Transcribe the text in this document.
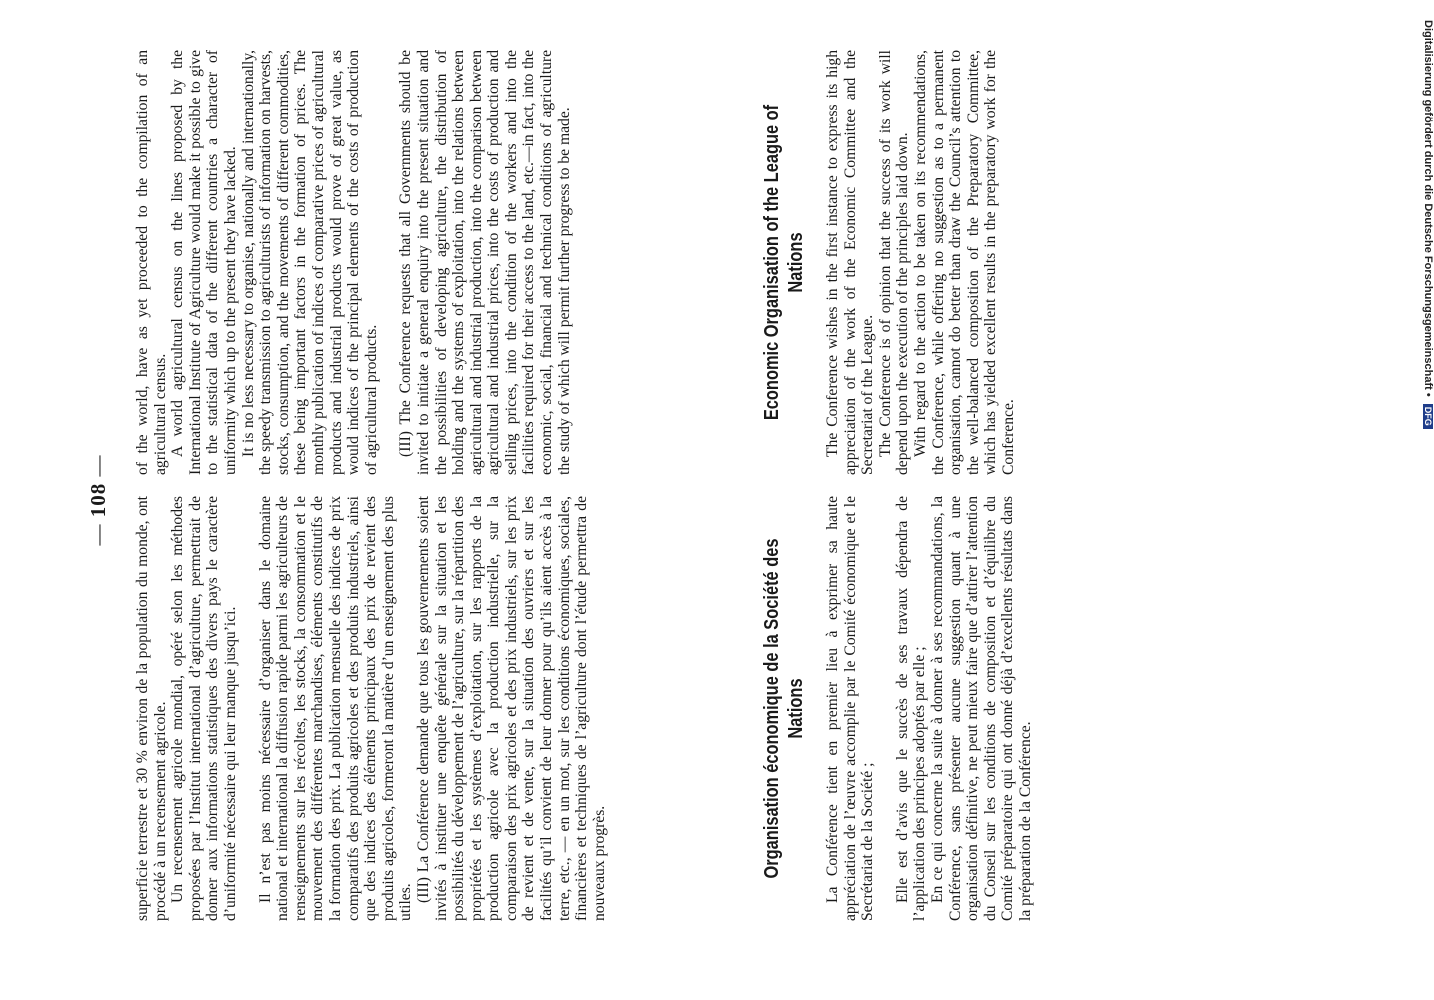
— 108 —

superficie terrestre et 30 % environ de la population du monde, ont procédé à un recensement agricole. Un recensement agricole mondial, opéré selon les méthodes proposées par l’Institut international d’agriculture, permettrait de donner aux informations statistiques des divers pays le caractère d’uniformité nécessaire qui leur manque jusqu’ici. Il n’est pas moins nécessaire d’organiser dans le domaine national et international la diffusion rapide parmi les agriculteurs de renseignements sur les récoltes, les stocks, la consommation et le mouvement des différentes marchandises, éléments constitutifs de la formation des prix. La publication mensuelle des indices de prix comparatifs des produits agricoles et des produits industriels, ainsi que des indices des éléments principaux des prix de revient des produits agricoles, formeront la matière d’un enseignement des plus utiles. (III) La Conférence demande que tous les gouvernements soient invités à instituer une enquête générale sur la situation et les possibilités du développement de l’agriculture, sur la répartition des propriétés et les systèmes d’exploitation, sur les rapports de la production agricole avec la production industrielle, sur la comparaison des prix agricoles et des prix industriels, sur les prix de revient et de vente, sur la situation des ouvriers et sur les facilités qu’il convient de leur donner pour qu’ils aient accès à la terre, etc., — en un mot, sur les conditions économiques, sociales, financières et techniques de l’agriculture dont l’étude permettra de nouveaux progrès.

of the world, have as yet proceeded to the compilation of an agricultural census. A world agricultural census on the lines proposed by the International Institute of Agriculture would make it possible to give to the statistical data of the different countries a character of uniformity which up to the present they have lacked. It is no less necessary to organise, nationally and internationally, the speedy transmission to agriculturists of information on harvests, stocks, consumption, and the movements of different commodities, these being important factors in the formation of prices. The monthly publication of indices of comparative prices of agricultural products and industrial products would prove of great value, as would indices of the principal elements of the costs of production of agricultural products. (III) The Conference requests that all Governments should be invited to initiate a general enquiry into the present situation and the possibilities of developing agriculture, the distribution of holding and the systems of exploitation, into the relations between agricultural and industrial production, into the comparison between agricultural and industrial prices, into the costs of production and selling prices, into the condition of the workers and into the facilities required for their access to the land, etc.—in fact, into the economic, social, financial and technical conditions of agriculture the study of which will permit further progress to be made.

Organisation économique de la Société des Nations La Conférence tient en premier lieu à exprimer sa haute appréciation de l’œuvre accomplie par le Comité économique et le Secrétariat de la Société ; Elle est d’avis que le succès de ses travaux dépendra de l’application des principes adoptés par elle ; En ce qui concerne la suite à donner à ses recommandations, la Conférence, sans présenter aucune suggestion quant à une organisation définitive, ne peut mieux faire que d’attirer l’attention du Conseil sur les conditions de composition et d’équilibre du Comité préparatoire qui ont donné déjà d’excellents résultats dans la préparation de la Conférence.

Economic Organisation of the League of Nations The Conference wishes in the first instance to express its high appreciation of the work of the Economic Committee and the Secretariat of the League. The Conference is of opinion that the success of its work will depend upon the execution of the principles laid down. With regard to the action to be taken on its recommendations, the Conference, while offering no suggestion as to a permanent organisation, cannot do better than draw the Council’s attention to the well-balanced composition of the Preparatory Committee, which has yielded excellent results in the preparatory work for the Conference.

Digitalisierung gefördert durch die Deutsche Forschungsgemeinschaft • DFG
